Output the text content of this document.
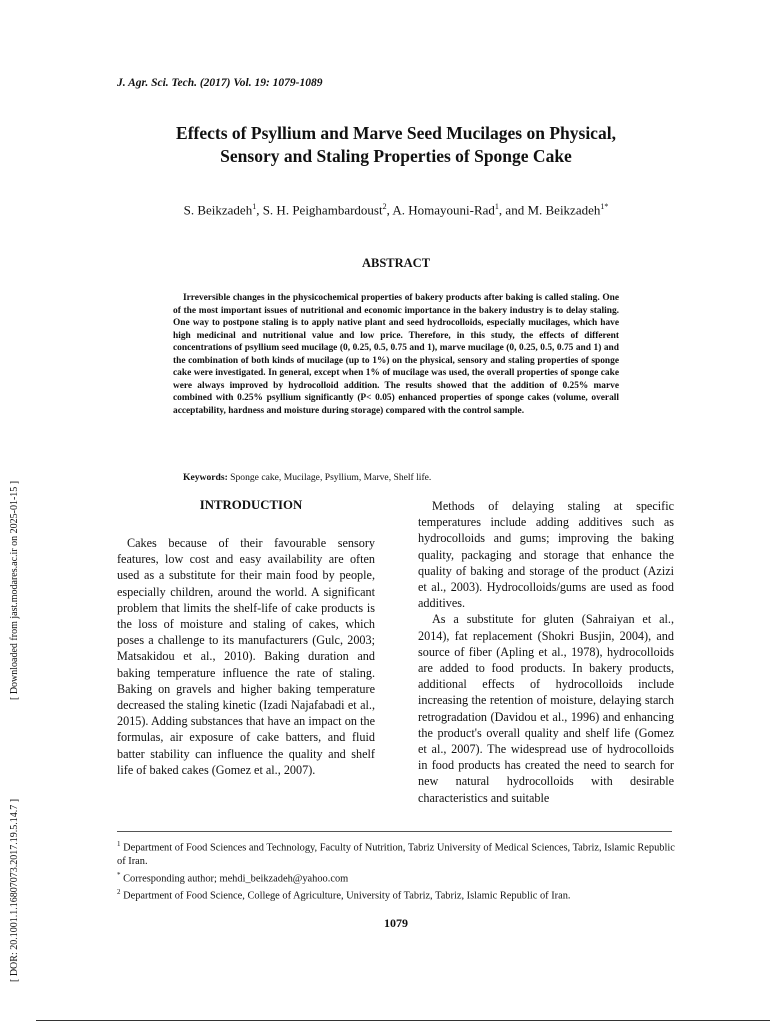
J. Agr. Sci. Tech. (2017) Vol. 19: 1079-1089
Effects of Psyllium and Marve Seed Mucilages on Physical,
Sensory and Staling Properties of Sponge Cake
S. Beikzadeh$^1$, S. H. Peighambardoust$^2$, A. Homayouni-Rad$^1$, and M. Beikzadeh$^{1*}$
ABSTRACT

Irreversible changes in the physicochemical properties of bakery products after baking is called staling. One of the most important issues of nutritional and economic importance in the bakery industry is to delay staling. One way to postpone staling is to apply native plant and seed hydrocolloids, especially mucilages, which have high medicinal and nutritional value and low price. Therefore, in this study, the effects of different concentrations of psyllium seed mucilage (0, 0.25, 0.5, 0.75 and 1), marve mucilage (0, 0.25, 0.5, 0.75 and 1) and the combination of both kinds of mucilage (up to 1%) on the physical, sensory and staling properties of sponge cake were investigated. In general, except when 1% of mucilage was used, the overall properties of sponge cake were always improved by hydrocolloid addition. The results showed that the addition of 0.25% marve combined with 0.25% psyllium significantly (P< 0.05) enhanced properties of sponge cakes (volume, overall acceptability, hardness and moisture during storage) compared with the control sample.

Keywords: Sponge cake, Mucilage, Psyllium, Marve, Shelf life.
INTRODUCTION

Cakes because of their favourable sensory features, low cost and easy availability are often used as a substitute for their main food by people, especially children, around the world. A significant problem that limits the shelf-life of cake products is the loss of moisture and staling of cakes, which poses a challenge to its manufacturers (Gulc, 2003; Matsakidou et al., 2010). Baking duration and baking temperature influence the rate of staling. Baking on gravels and higher baking temperature decreased the staling kinetic (Izadi Najafabadi et al., 2015). Adding substances that have an impact on the formulas, air exposure of cake batters, and fluid batter stability can influence the quality and shelf life of baked cakes (Gomez et al., 2007).

Methods of delaying staling at specific temperatures include adding additives such as hydrocolloids and gums; improving the baking quality, packaging and storage that enhance the quality of baking and storage of the product (Azizi et al., 2003). Hydrocolloids/gums are used as food additives.

As a substitute for gluten (Sahraiyan et al., 2014), fat replacement (Shokri Busjin, 2004), and source of fiber (Apling et al., 1978), hydrocolloids are added to food products. In bakery products, additional effects of hydrocolloids include increasing the retention of moisture, delaying starch retrogradation (Davidou et al., 1996) and enhancing the product's overall quality and shelf life (Gomez et al., 2007). The widespread use of hydrocolloids in food products has created the need to search for new natural hydrocolloids with desirable characteristics and suitable

$^1$ Department of Food Sciences and Technology, Faculty of Nutrition, Tabriz University of Medical Sciences, Tabriz, Islamic Republic of Iran.

* Corresponding author; mehdi_beikzadeh@yahoo.com

$^2$ Department of Food Science, College of Agriculture, University of Tabriz, Tabriz, Islamic Republic of Iran.

1079
[ Downloaded from jast.modares.ac.ir on 2025-01-15 ]
[ DOR: 20.1001.1.16807073.2017.19.5.14.7 ]
